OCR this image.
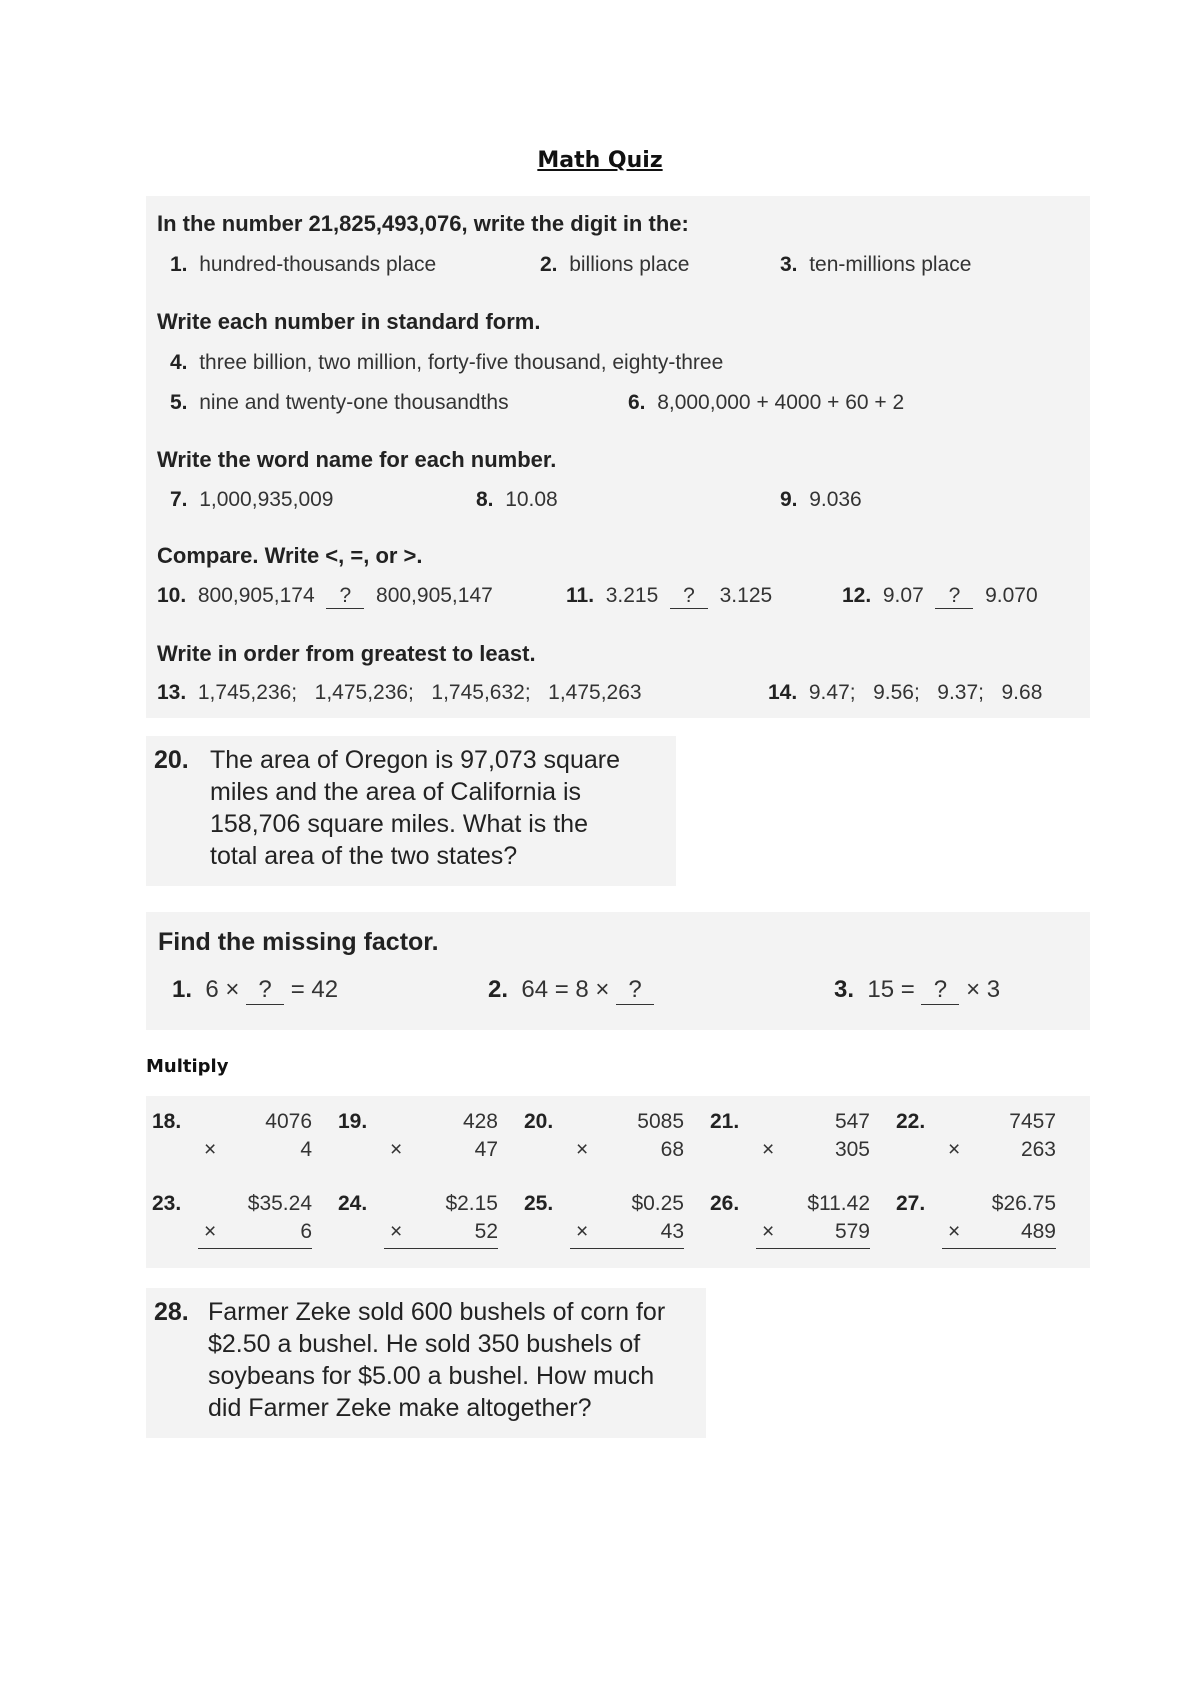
Math Quiz
In the number 21,825,493,076, write the digit in the:
1. hundred-thousands place	2. billions place	3. ten-millions place
Write each number in standard form.
4. three billion, two million, forty-five thousand, eighty-three
5. nine and twenty-one thousandths	6. 8,000,000 + 4000 + 60 + 2
Write the word name for each number.
7. 1,000,935,009	8. 10.08	9. 9.036
Compare. Write <, =, or >.
10. 800,905,174 ? 800,905,147	11. 3.215 ? 3.125	12. 9.07 ? 9.070
Write in order from greatest to least.
13. 1,745,236;   1,475,236;   1,745,632;   1,475,263	14. 9.47;   9.56;   9.37;   9.68
20. The area of Oregon is 97,073 square miles and the area of California is 158,706 square miles. What is the total area of the two states?
Find the missing factor.
1. 6 × ? = 42	2. 64 = 8 × ?	3. 15 = ? × 3
Multiply
18.	4076
×	4
19.	428
×	47
20.	5085
×	68
21.	547
×	305
22.	7457
×	263
23.	$35.24
×	6
24.	$2.15
×	52
25.	$0.25
×	43
26.	$11.42
×	579
27.	$26.75
×	489
28. Farmer Zeke sold 600 bushels of corn for $2.50 a bushel. He sold 350 bushels of soybeans for $5.00 a bushel. How much did Farmer Zeke make altogether?
